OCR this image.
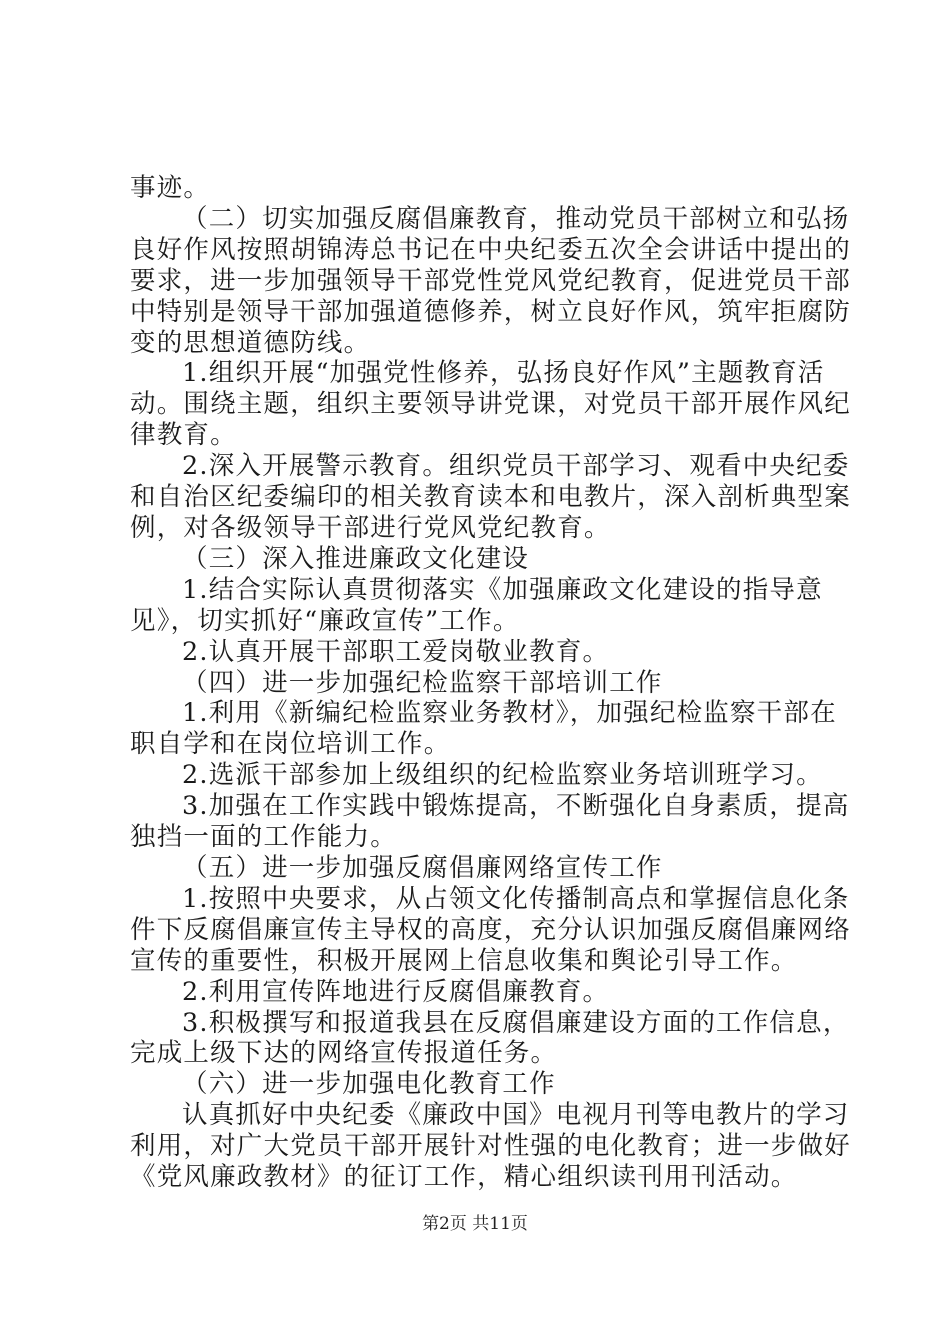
事迹。
（二）切实加强反腐倡廉教育，推动党员干部树立和弘扬
良好作风按照胡锦涛总书记在中央纪委五次全会讲话中提出的
要求，进一步加强领导干部党性党风党纪教育，促进党员干部
中特别是领导干部加强道德修养，树立良好作风，筑牢拒腐防
变的思想道德防线。
1.组织开展“加强党性修养，弘扬良好作风”主题教育活
动。围绕主题，组织主要领导讲党课，对党员干部开展作风纪
律教育。
2.深入开展警示教育。组织党员干部学习、观看中央纪委
和自治区纪委编印的相关教育读本和电教片，深入剖析典型案
例，对各级领导干部进行党风党纪教育。
（三）深入推进廉政文化建设
1.结合实际认真贯彻落实《加强廉政文化建设的指导意
见》，切实抓好“廉政宣传”工作。
2.认真开展干部职工爱岗敬业教育。
（四）进一步加强纪检监察干部培训工作
1.利用《新编纪检监察业务教材》，加强纪检监察干部在
职自学和在岗位培训工作。
2.选派干部参加上级组织的纪检监察业务培训班学习。
3.加强在工作实践中锻炼提高，不断强化自身素质，提高
独挡一面的工作能力。
（五）进一步加强反腐倡廉网络宣传工作
1.按照中央要求，从占领文化传播制高点和掌握信息化条
件下反腐倡廉宣传主导权的高度，充分认识加强反腐倡廉网络
宣传的重要性，积极开展网上信息收集和舆论引导工作。
2.利用宣传阵地进行反腐倡廉教育。
3.积极撰写和报道我县在反腐倡廉建设方面的工作信息，
完成上级下达的网络宣传报道任务。
（六）进一步加强电化教育工作
认真抓好中央纪委《廉政中国》电视月刊等电教片的学习
利用，对广大党员干部开展针对性强的电化教育；进一步做好
《党风廉政教材》的征订工作，精心组织读刊用刊活动。
第2页 共11页
